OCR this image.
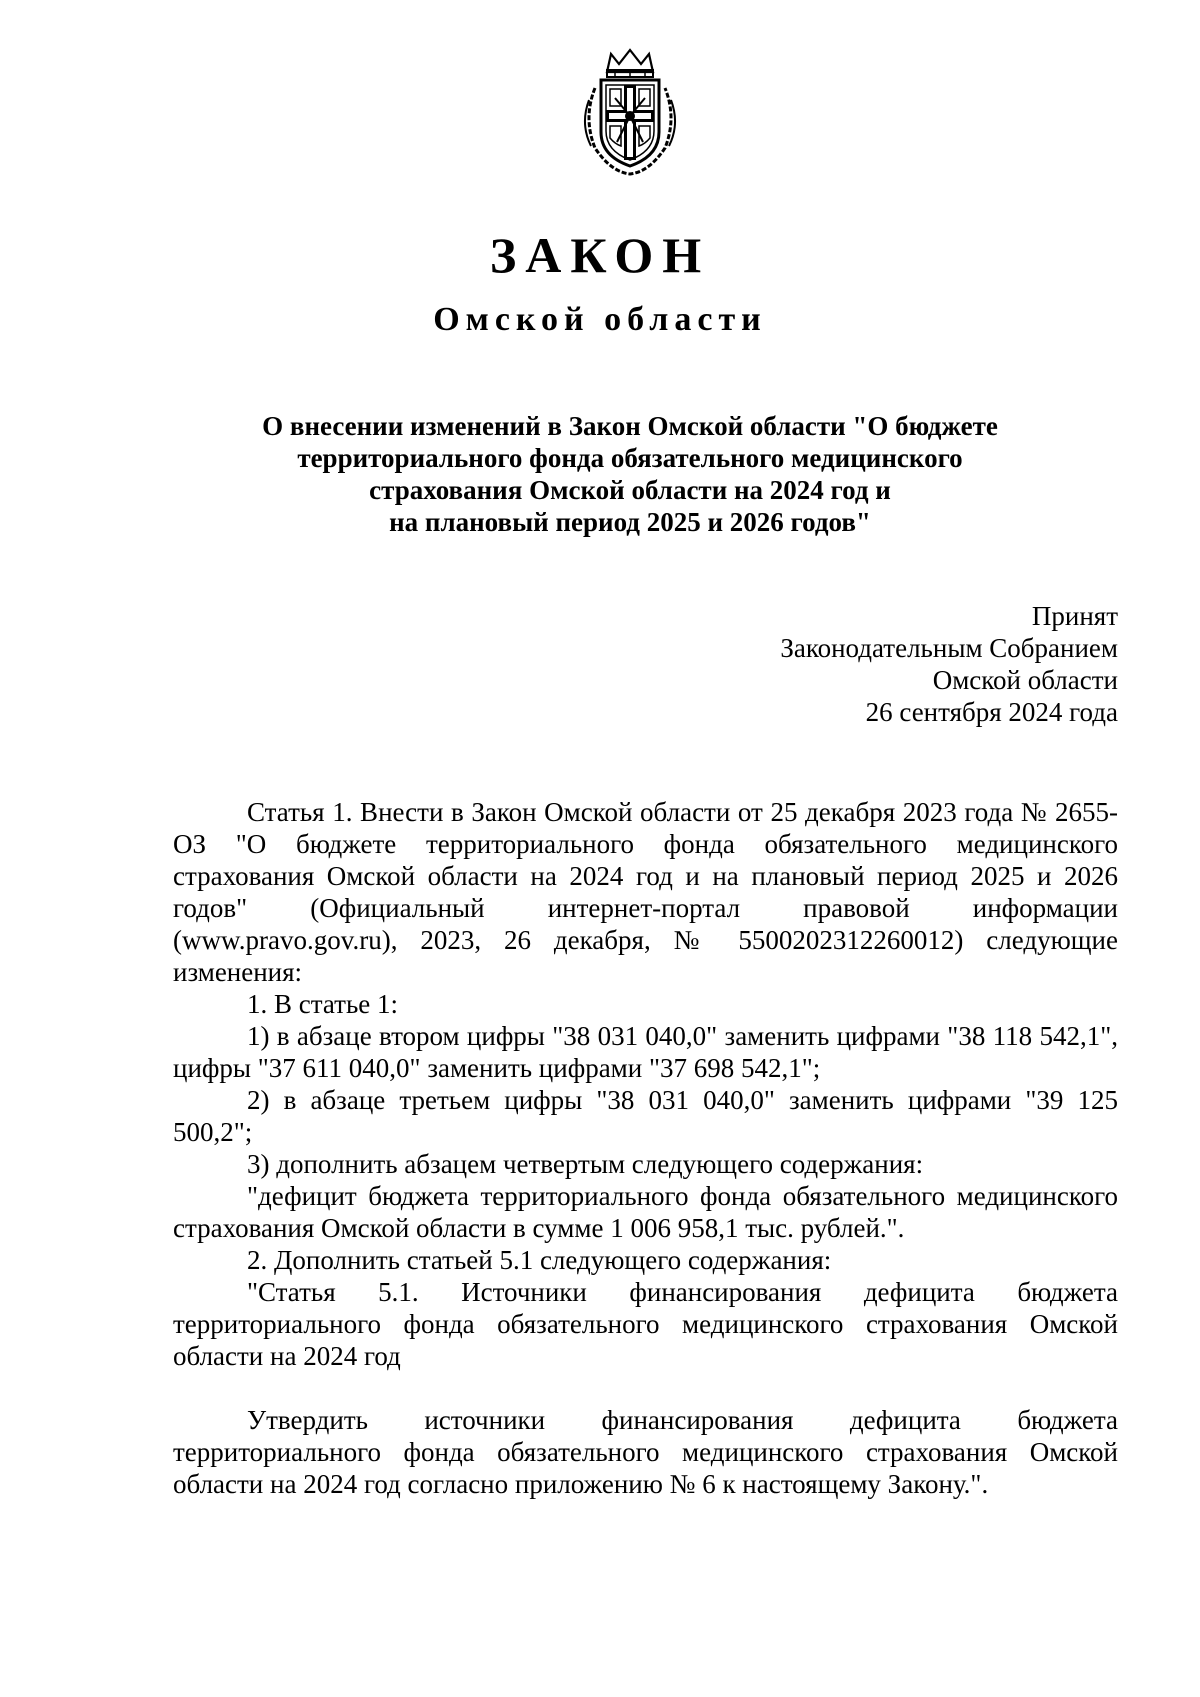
ЗАКОН
Омской области
О внесении изменений в Закон Омской области "О бюджете
территориального фонда обязательного медицинского
страхования Омской области на 2024 год и
на плановый период 2025 и 2026 годов"
Принят
Законодательным Собранием
Омской области
26 сентября 2024 года

Статья 1. Внести в Закон Омской области от 25 декабря 2023 года № 2655-ОЗ "О бюджете территориального фонда обязательного медицинского страхования Омской области на 2024 год и на плановый период 2025 и 2026 годов" (Официальный интернет-портал правовой информации (www.pravo.gov.ru), 2023, 26 декабря, № 5500202312260012) следующие изменения:

1. В статье 1:

1) в абзаце втором цифры "38 031 040,0" заменить цифрами "38 118 542,1", цифры "37 611 040,0" заменить цифрами "37 698 542,1";

2) в абзаце третьем цифры "38 031 040,0" заменить цифрами "39 125 500,2";

3) дополнить абзацем четвертым следующего содержания:

"дефицит бюджета территориального фонда обязательного медицинского страхования Омской области в сумме 1 006 958,1 тыс. рублей.".

2. Дополнить статьей 5.1 следующего содержания:

"Статья 5.1. Источники финансирования дефицита бюджета территориального фонда обязательного медицинского страхования Омской области на 2024 год

Утвердить источники финансирования дефицита бюджета территориального фонда обязательного медицинского страхования Омской области на 2024 год согласно приложению № 6 к настоящему Закону.".
